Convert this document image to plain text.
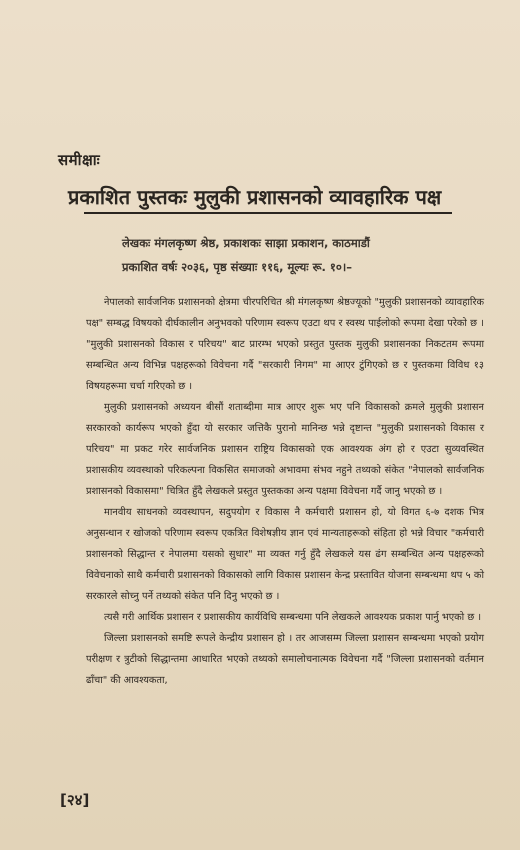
समीक्षाः
प्रकाशित पुस्तकः मुलुकी प्रशासनको व्यावहारिक पक्ष
लेखकः मंगलकृष्ण श्रेष्ठ, प्रकाशकः साझा प्रकाशन, काठमाडौं
प्रकाशित वर्षः २०३६, पृष्ठ संख्याः ११६, मूल्यः रू. १०।–

नेपालको सार्वजनिक प्रशासनको क्षेत्रमा चीरपरिचित श्री मंगलकृष्ण श्रेष्ठज्यूको "मुलुकी प्रशासनको व्यावहारिक पक्ष" सम्बद्ध विषयको दीर्घकालीन अनुभवको परिणाम स्वरूप एउटा थप र स्वस्थ पाईलोको रूपमा देखा परेको छ । "मुलुकी प्रशासनको विकास र परिचय" बाट प्रारम्भ भएको प्रस्तुत पुस्तक मुलुकी प्रशासनका निकटतम रूपमा सम्बन्धित अन्य विभिन्न पक्षहरूको विवेचना गर्दै "सरकारी निगम" मा आएर टुंगिएको छ र पुस्तकमा विविध १३ विषयहरूमा चर्चा गरिएको छ ।

मुलुकी प्रशासनको अध्ययन बीसौं शताब्दीमा मात्र आएर शुरू भए पनि विकासको क्रमले मुलुकी प्रशासन सरकारको कार्यरूप भएको हुँदा यो सरकार जत्तिकै पुरानो मानिन्छ भन्ने दृष्टान्त "मुलुकी प्रशासनको विकास र परिचय" मा प्रकट गरेर सार्वजनिक प्रशासन राष्ट्रिय विकासको एक आवश्यक अंग हो र एउटा सुव्यवस्थित प्रशासकीय व्यवस्थाको परिकल्पना विकसित समाजको अभावमा संभव नहुने तथ्यको संकेत "नेपालको सार्वजनिक प्रशासनको विकासमा" चित्रित हुँदै लेखकले प्रस्तुत पुस्तकका अन्य पक्षमा विवेचना गर्दै जानु भएको छ ।

मानवीय साधनको व्यवस्थापन, सदुपयोग र विकास नै कर्मचारी प्रशासन हो, यो विगत ६-७ दशक भित्र अनुसन्धान र खोजको परिणाम स्वरूप एकत्रित विशेषज्ञीय ज्ञान एवं मान्यताहरूको संहिता हो भन्ने विचार "कर्मचारी प्रशासनको सिद्धान्त र नेपालमा यसको सुधार" मा व्यक्त गर्नु हुँदै लेखकले यस ढंग सम्बन्धित अन्य पक्षहरूको विवेचनाको साथै कर्मचारी प्रशासनको विकासको लागि विकास प्रशासन केन्द्र प्रस्तावित योजना सम्बन्धमा थप ५ को सरकारले सोच्नु पर्ने तथ्यको संकेत पनि दिनु भएको छ ।

त्यसै गरी आर्थिक प्रशासन र प्रशासकीय कार्यविधि सम्बन्धमा पनि लेखकले आवश्यक प्रकाश पार्नु भएको छ ।

जिल्ला प्रशासनको समष्टि रूपले केन्द्रीय प्रशासन हो । तर आजसम्म जिल्ला प्रशासन सम्बन्धमा भएको प्रयोग परीक्षण र त्रुटीको सिद्धान्तमा आधारित भएको तथ्यको समालोचनात्मक विवेचना गर्दै "जिल्ला प्रशासनको वर्तमान ढाँचा" की आवश्यकता,

[२४]
